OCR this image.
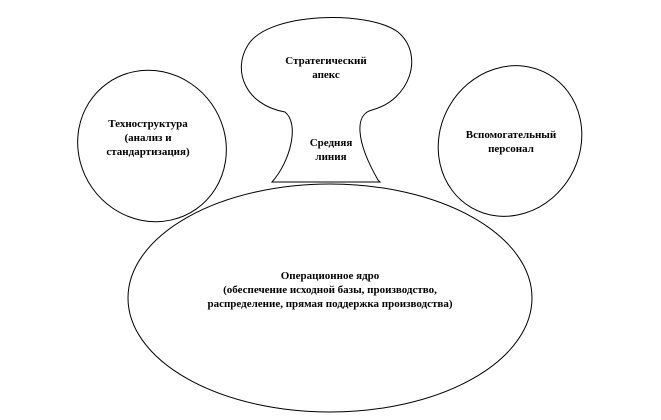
Стратегический
апекс
Техноструктура
(анализ и
стандартизация)
Вспомогательный
персонал
Средняя
линия
Операционное ядро
(обеспечение исходной базы, производство,
распределение, прямая поддержка производства)
